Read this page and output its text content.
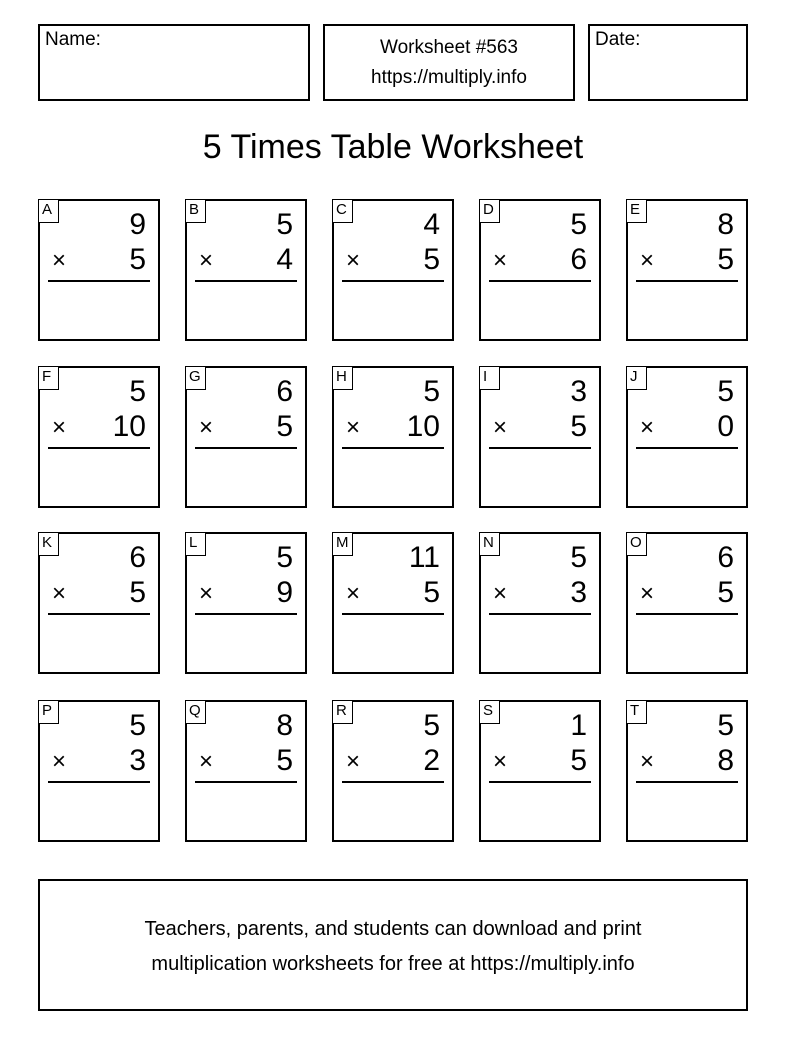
Name:	Worksheet #563
https://multiply.info
Date:
5 Times Table Worksheet
A	9
× 5
B	5
× 4
C	4
× 5
D	5
× 6
E	8
× 5
F	5
× 10
G	6
× 5
H	5
× 10
I	3
× 5
J	5
× 0
K	6
× 5
L	5
× 9
M 11
× 5
N	5
× 3
O	6
× 5
P	5
× 3
Q	8
× 5
R	5
× 2
S	1
× 5
T	5
× 8
Teachers, parents, and students can download and print
multiplication worksheets for free at https://multiply.info
